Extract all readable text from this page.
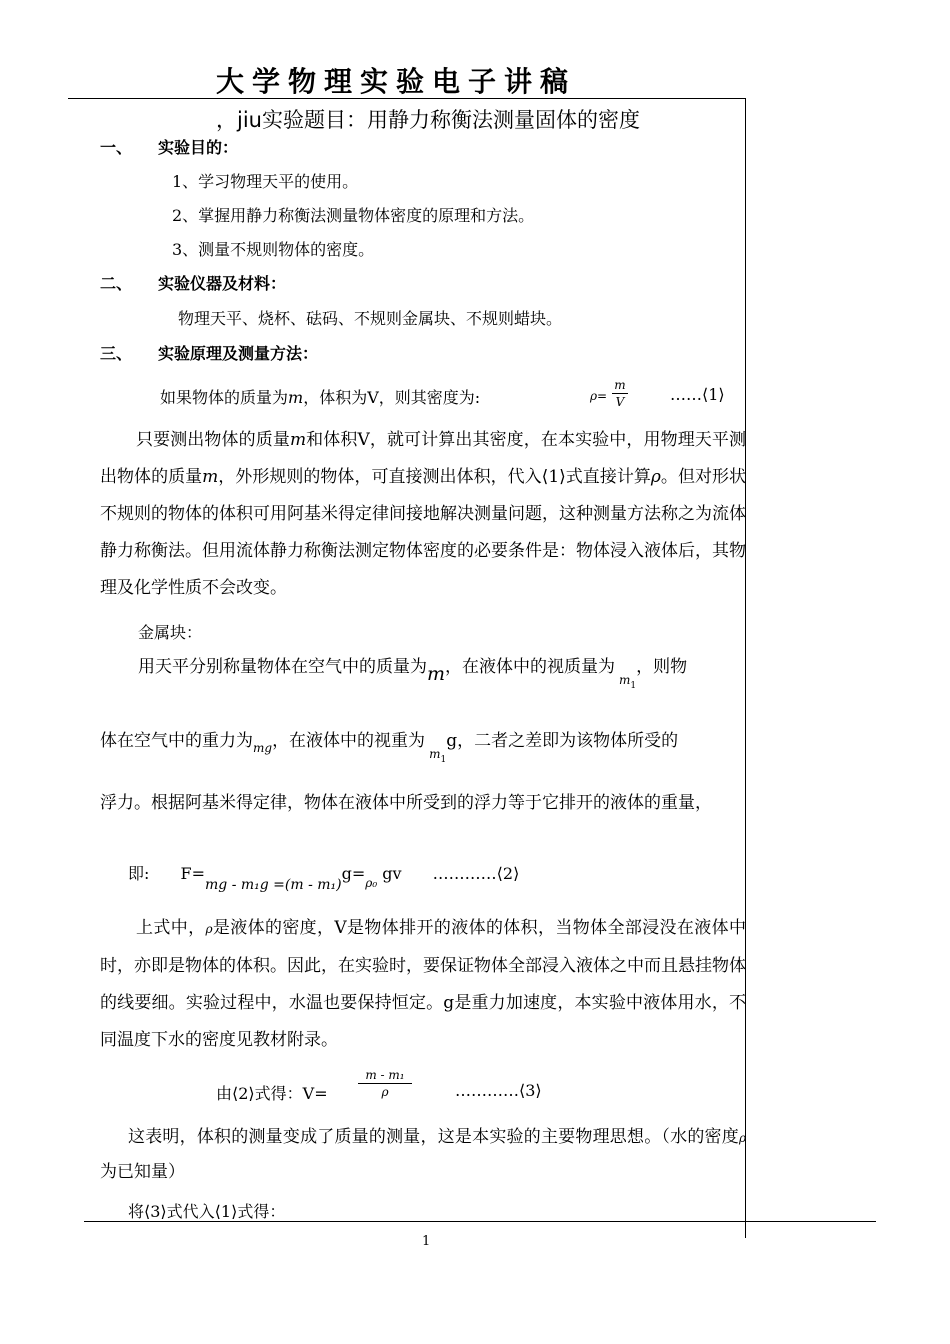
大学物理实验电子讲稿
，jiu实验题目：用静力称衡法测量固体的密度
一、 实验目的：
1、学习物理天平的使用。
2、掌握用静力称衡法测量物体密度的原理和方法。
3、测量不规则物体的密度。
二、 实验仪器及材料：
物理天平、烧杯、砝码、不规则金属块、不规则蜡块。
三、 实验原理及测量方法：
如果物体的质量为m，体积为V，则其密度为:	ρ=
m
V	……⟨1⟩
只要测出物体的质量m和体积V，就可计算出其密度，在本实验中，用物理天平测出物体的质量m，外形规则的物体，可直接测出体积，代入⟨1⟩式直接计算ρ。但对形状不规则的物体的体积可用阿基米得定律间接地解决测量问题，这种测量方法称之为流体静力称衡法。但用流体静力称衡法测定物体密度的必要条件是：物体浸入液体后，其物理及化学性质不会改变。
金属块：
用天平分别称量物体在空气中的质量为m，在液体中的视质量为$_{m1}$，则物
体在空气中的重力为$_{mg}$，在液体中的视重为$_{m1}$g，二者之差即为该物体所受的
浮力。根据阿基米得定律，物体在液体中所受到的浮力等于它排开的液体的重量，
即: $F=mg - m_1g =(m - m_1)g=_{\rho_0}$ gv …………⟨2⟩
上式中，ρ是液体的密度，V是物体排开的液体的体积，当物体全部浸没在液体中时，亦即是物体的体积。因此，在实验时，要保证物体全部浸入液体之中而且悬挂物体的线要细。实验过程中，水温也要保持恒定。g是重力加速度，本实验中液体用水，不同温度下水的密度见教材附录。
由⟨2⟩式得：V=
m - m₁
ρ	…………⟨3⟩
这表明，体积的测量变成了质量的测量，这是本实验的主要物理思想。（水的密度ρ为已知量）
将⟨3⟩式代入⟨1⟩式得：
1
